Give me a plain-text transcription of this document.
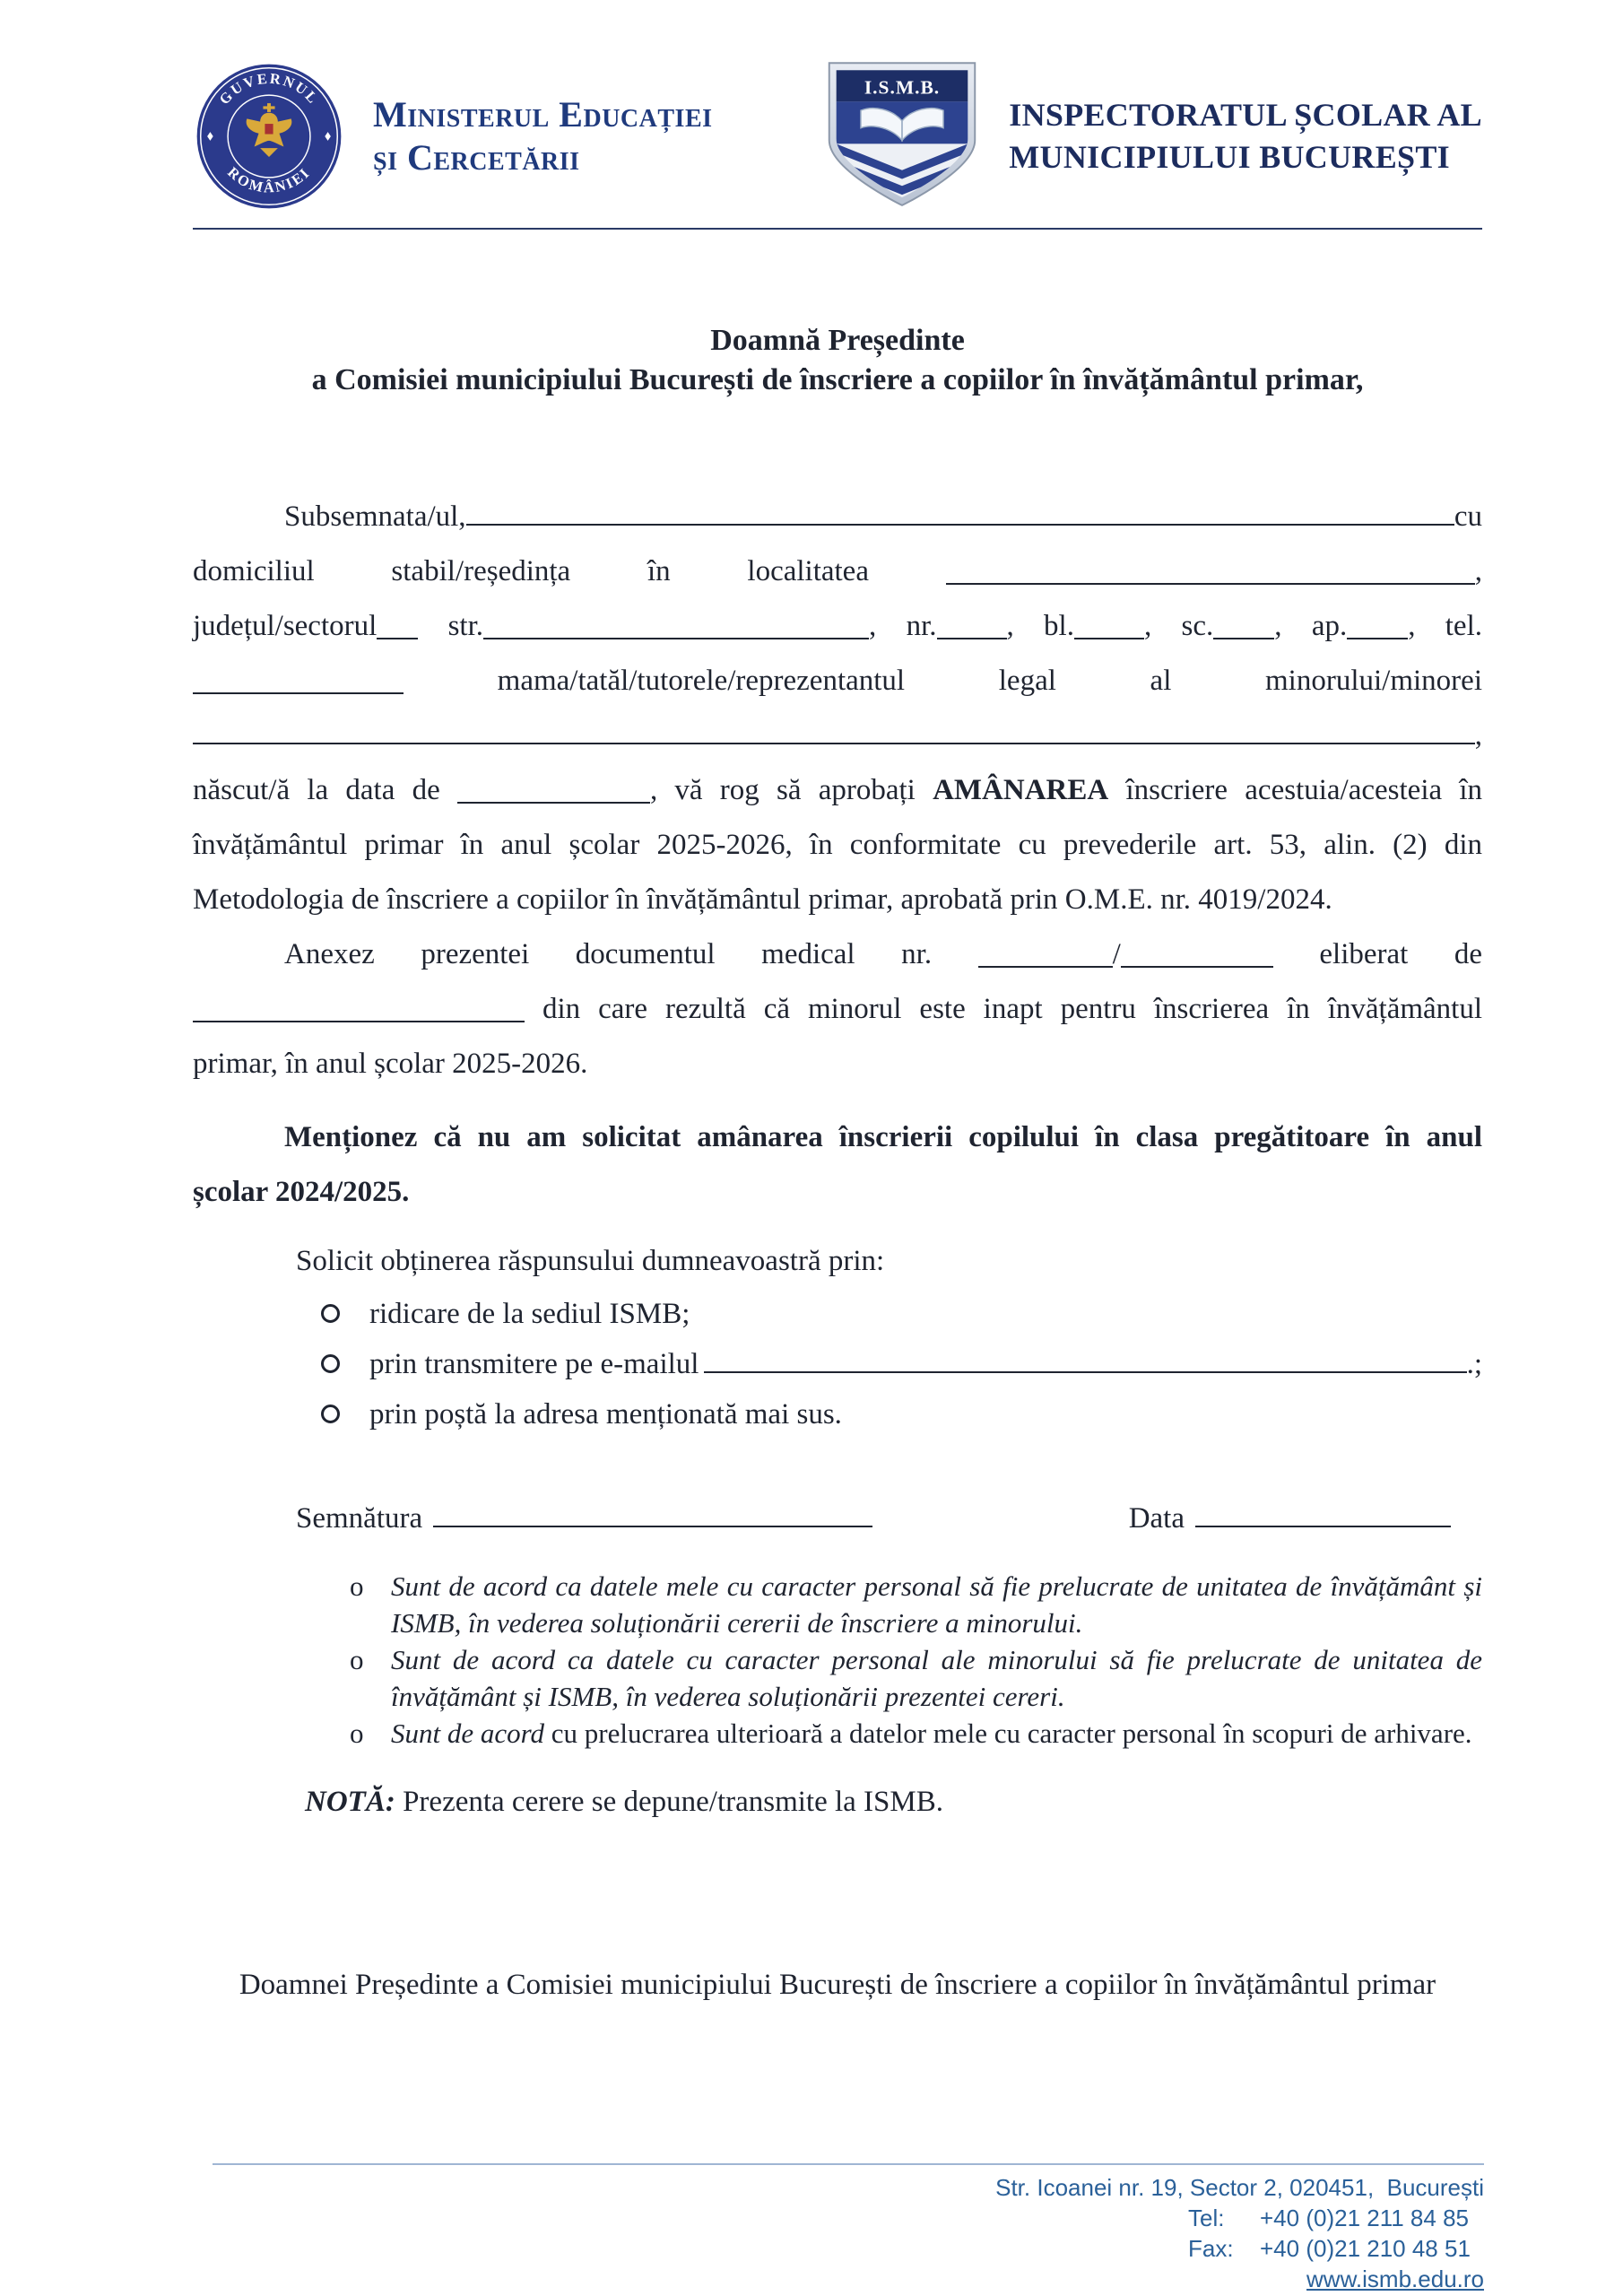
GUVERNUL
ROMÂNIEI
Ministerul Educației
și Cercetării
I.S.M.B.
INSPECTORATUL ȘCOLAR AL
MUNICIPIULUI BUCUREȘTI
Doamnă Președinte
a Comisiei municipiului București de înscriere a copiilor în învățământul primar,
Subsemnata/ul,	cu
domiciliul stabil/reședința în localitatea	,
județul/sectorul str.	, nr. , bl. , sc. , ap. , tel.
mama/tatăl/tutorele/reprezentantul legal al minorului/minorei
,
născut/ă la data de	, vă rog să aprobați AMÂNAREA înscriere acestuia/acesteia în
învățământul primar în anul școlar 2025-2026, în conformitate cu prevederile art. 53, alin. (2) din
Metodologia de înscriere a copiilor în învățământul primar, aprobată prin O.M.E. nr. 4019/2024.
Anexez prezentei documentul medical nr.	/	eliberat de
din care rezultă că minorul este inapt pentru înscrierea în învățământul
primar, în anul școlar 2025-2026.
Menționez că nu am solicitat amânarea înscrierii copilului în clasa pregătitoare în anul
școlar 2024/2025.
Solicit obținerea răspunsului dumneavoastră prin:
ridicare de la sediul ISMB;
prin transmitere pe e-mailul	.;
prin poștă la adresa menționată mai sus.
Semnătura	Data
o Sunt de acord ca datele mele cu caracter personal să fie prelucrate de unitatea de învățământ și ISMB, în vederea soluționării cererii de înscriere a minorului.
o Sunt de acord ca datele cu caracter personal ale minorului să fie prelucrate de unitatea de învățământ și ISMB, în vederea soluționării prezentei cereri.
o Sunt de acord cu prelucrarea ulterioară a datelor mele cu caracter personal în scopuri de arhivare.
NOTĂ: Prezenta cerere se depune/transmite la ISMB.
Doamnei Președinte a Comisiei municipiului București de înscriere a copiilor în învățământul primar
Str. Icoanei nr. 19, Sector 2, 020451,  București
Tel:	+40 (0)21 211 84 85
Fax:	+40 (0)21 210 48 51
www.ismb.edu.ro
